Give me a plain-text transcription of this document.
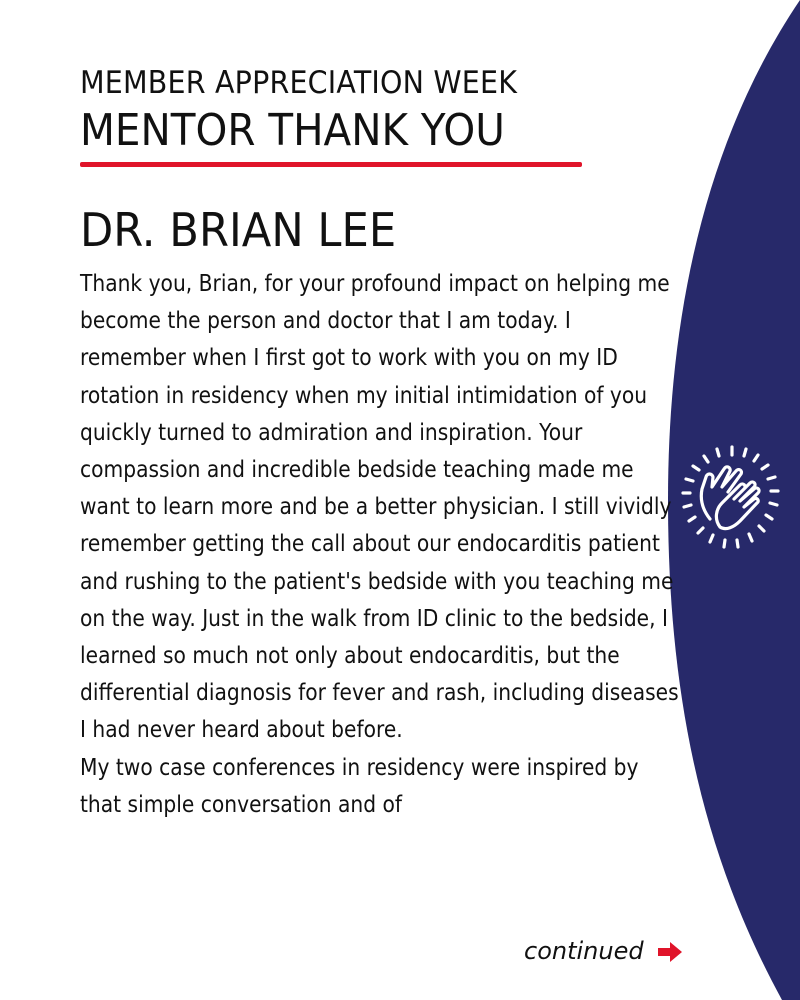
MEMBER APPRECIATION WEEK
MENTOR THANK YOU
DR. BRIAN LEE

Thank you, Brian, for your profound impact on helping me become the person and doctor that I am today. I remember when I first got to work with you on my ID rotation in residency when my initial intimidation of you quickly turned to admiration and inspiration. Your compassion and incredible bedside teaching made me want to learn more and be a better physician. I still vividly remember getting the call about our endocarditis patient and rushing to the patient's bedside with you teaching me on the way. Just in the walk from ID clinic to the bedside, I learned so much not only about endocarditis, but the differential diagnosis for fever and rash, including diseases I had never heard about before.

My two case conferences in residency were inspired by that simple conversation and of

continued
